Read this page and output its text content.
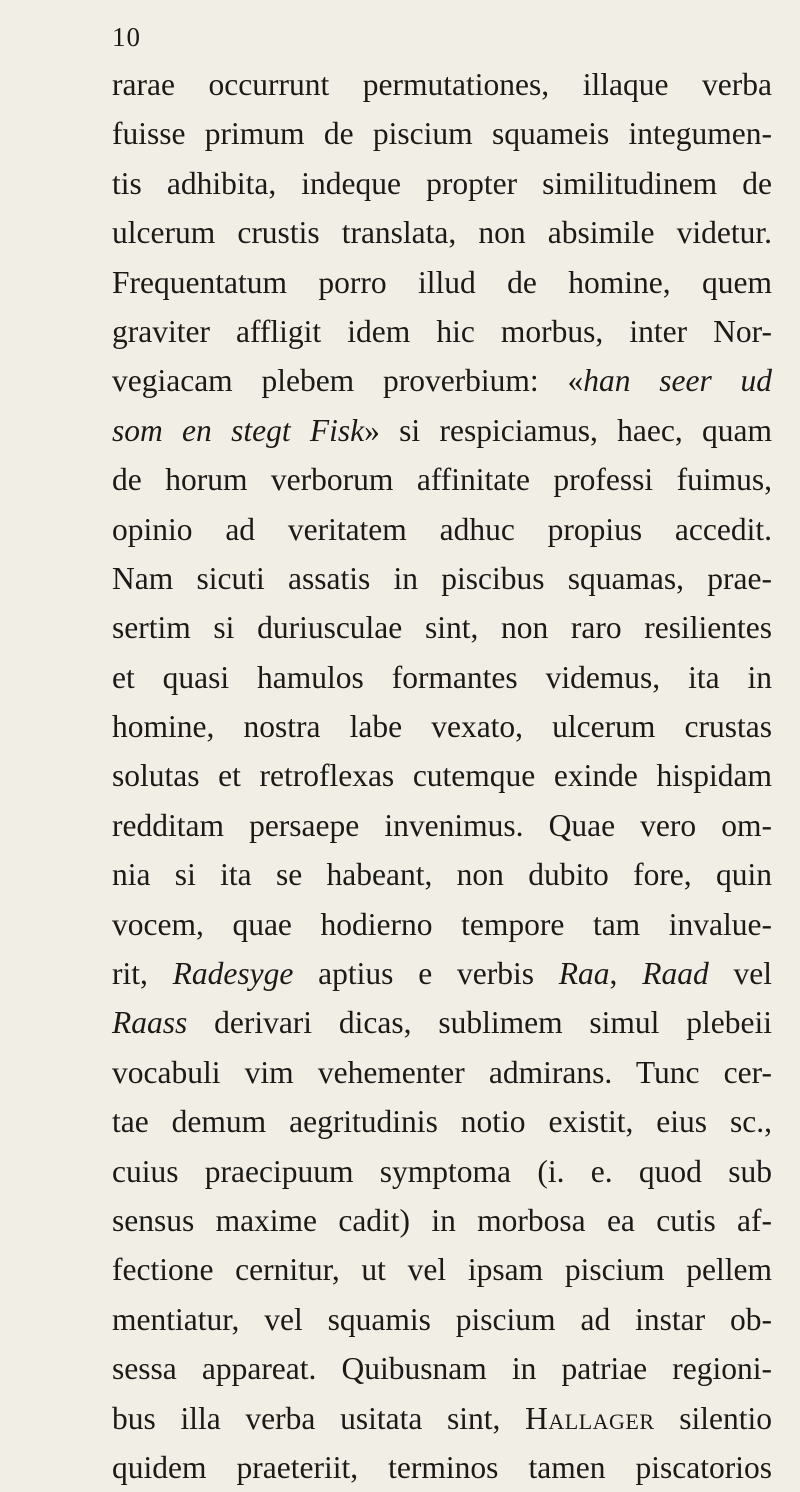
10
rarae occurrunt permutationes, illaque verba
fuisse primum de piscium squameis integumen-
tis adhibita, indeque propter similitudinem de
ulcerum crustis translata, non absimile videtur.
Frequentatum porro illud de homine, quem
graviter affligit idem hic morbus, inter Nor-
vegiacam plebem proverbium: «han seer ud
som en stegt Fisk» si respiciamus, haec, quam
de horum verborum affinitate professi fuimus,
opinio ad veritatem adhuc propius accedit.
Nam sicuti assatis in piscibus squamas, prae-
sertim si duriusculae sint, non raro resilientes
et quasi hamulos formantes videmus, ita in
homine, nostra labe vexato, ulcerum crustas
solutas et retroflexas cutemque exinde hispidam
redditam persaepe invenimus. Quae vero om-
nia si ita se habeant, non dubito fore, quin
vocem, quae hodierno tempore tam invalue-
rit, Radesyge aptius e verbis Raa, Raad vel
Raass derivari dicas, sublimem simul plebeii
vocabuli vim vehementer admirans. Tunc cer-
tae demum aegritudinis notio existit, eius sc.,
cuius praecipuum symptoma (i. e. quod sub
sensus maxime cadit) in morbosa ea cutis af-
fectione cernitur, ut vel ipsam piscium pellem
mentiatur, vel squamis piscium ad instar ob-
sessa appareat. Quibusnam in patriae regioni-
bus illa verba usitata sint, Hallager silentio
quidem praeteriit, terminos tamen piscatorios
